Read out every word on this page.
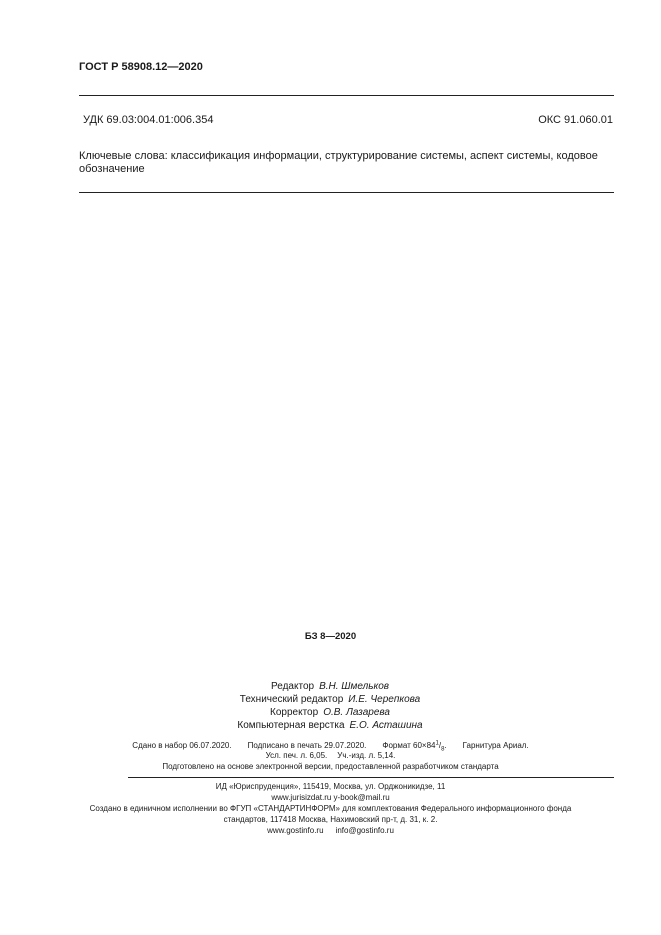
ГОСТ Р 58908.12—2020
УДК 69.03:004.01:006.354	ОКС 91.060.01
Ключевые слова: классификация информации, структурирование системы, аспект системы, кодовое обозначение
БЗ 8—2020
Редактор В.Н. Шмельков
Технический редактор И.Е. Черепкова
Корректор О.В. Лазарева
Компьютерная верстка Е.О. Асташина
Сдано в набор 06.07.2020. Подписано в печать 29.07.2020. Формат $60\times 84^1/_8$. Гарнитура Ариал.
Усл. печ. л. 6,05. Уч.-изд. л. 5,14.
Подготовлено на основе электронной версии, предоставленной разработчиком стандарта
ИД «Юриспруденция», 115419, Москва, ул. Орджоникидзе, 11
www.jurisizdat.ru y-book@mail.ru
Создано в единичном исполнении во ФГУП «СТАНДАРТИНФОРМ» для комплектования Федерального информационного фонда
стандартов, 117418 Москва, Нахимовский пр-т, д. 31, к. 2.
www.gostinfo.ru info@gostinfo.ru
